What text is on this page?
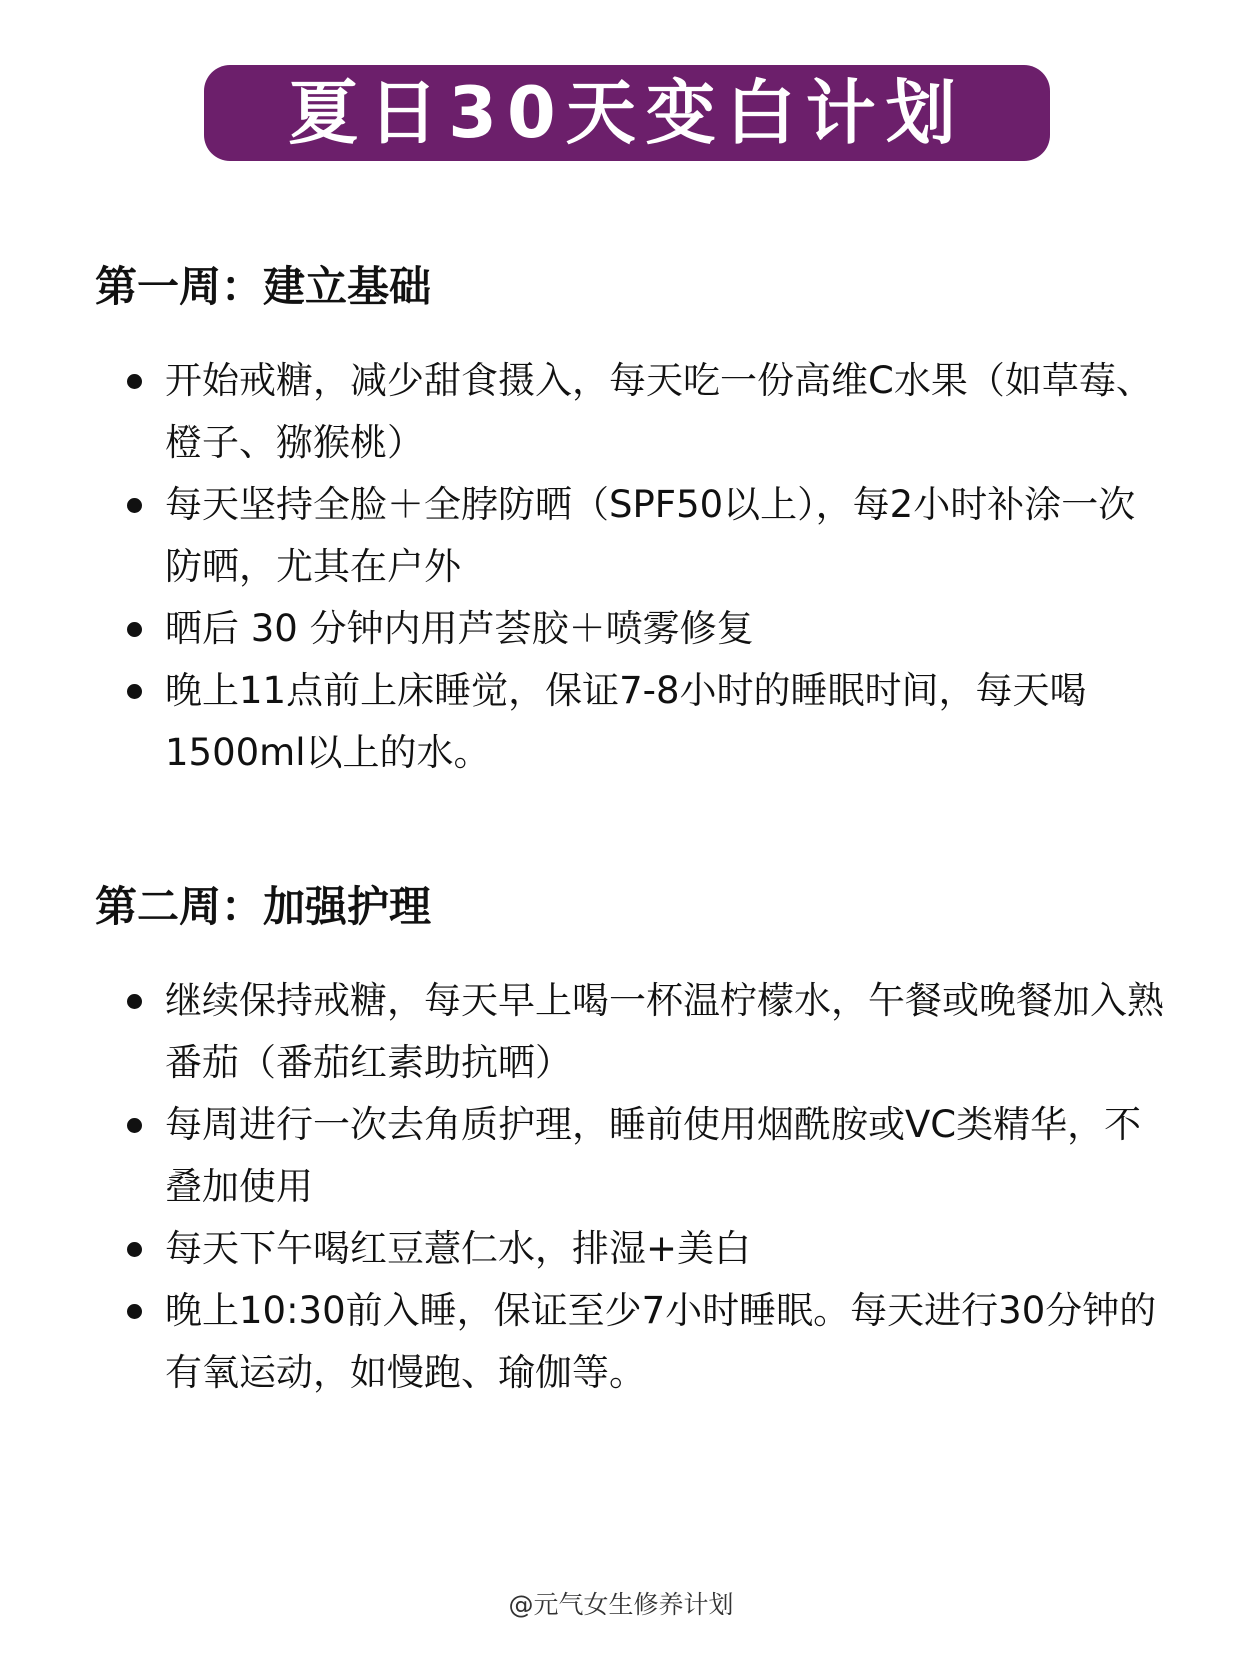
夏日30天变白计划
第一周：建立基础
开始戒糖，减少甜食摄入，每天吃一份高维C水果（如草莓、橙子、猕猴桃）
每天坚持全脸＋全脖防晒（SPF50以上），每2小时补涂一次防晒，尤其在户外
晒后 30 分钟内用芦荟胶＋喷雾修复
晚上11点前上床睡觉，保证7-8小时的睡眠时间，每天喝1500ml以上的水。
第二周：加强护理
继续保持戒糖，每天早上喝一杯温柠檬水，午餐或晚餐加入熟番茄（番茄红素助抗晒）
每周进行一次去角质护理，睡前使用烟酰胺或VC类精华，不叠加使用
每天下午喝红豆薏仁水，排湿+美白
晚上10:30前入睡，保证至少7小时睡眠。每天进行30分钟的有氧运动，如慢跑、瑜伽等。
@元气女生修养计划
